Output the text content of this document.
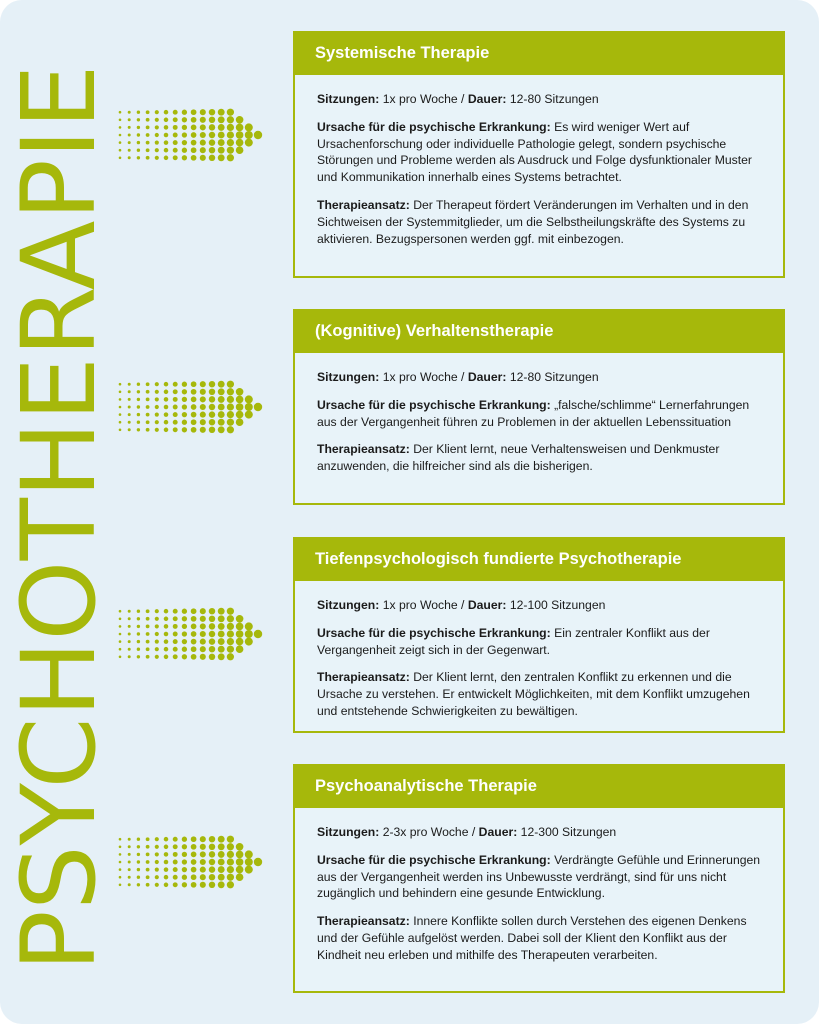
PSYCHOTHERAPIE
Systemische Therapie

Sitzungen: 1x pro Woche / Dauer: 12-80 Sitzungen

Ursache für die psychische Erkrankung: Es wird weniger Wert auf Ursachenforschung oder individuelle Pathologie gelegt, sondern psychische Störungen und Probleme werden als Ausdruck und Folge dysfunktionaler Muster und Kommunikation innerhalb eines Systems betrachtet.

Therapieansatz: Der Therapeut fördert Veränderungen im Verhalten und in den Sichtweisen der Systemmitglieder, um die Selbstheilungskräfte des Systems zu aktivieren. Bezugspersonen werden ggf. mit einbezogen.

(Kognitive) Verhaltenstherapie

Sitzungen: 1x pro Woche / Dauer: 12-80 Sitzungen

Ursache für die psychische Erkrankung: „falsche/schlimme“ Lernerfahrungen aus der Vergangenheit führen zu Problemen in der aktuellen Lebenssituation

Therapieansatz: Der Klient lernt, neue Verhaltensweisen und Denkmuster anzuwenden, die hilfreicher sind als die bisherigen.

Tiefenpsychologisch fundierte Psychotherapie

Sitzungen: 1x pro Woche / Dauer: 12-100 Sitzungen

Ursache für die psychische Erkrankung: Ein zentraler Konflikt aus der Vergangenheit zeigt sich in der Gegenwart.

Therapieansatz: Der Klient lernt, den zentralen Konflikt zu erkennen und die Ursache zu verstehen. Er entwickelt Möglichkeiten, mit dem Konflikt umzugehen und entstehende Schwierigkeiten zu bewältigen.

Psychoanalytische Therapie

Sitzungen: 2-3x pro Woche / Dauer: 12-300 Sitzungen

Ursache für die psychische Erkrankung: Verdrängte Gefühle und Erinnerungen aus der Vergangenheit werden ins Unbewusste verdrängt, sind für uns nicht zugänglich und behindern eine gesunde Entwicklung.

Therapieansatz: Innere Konflikte sollen durch Verstehen des eigenen Denkens und der Gefühle aufgelöst werden. Dabei soll der Klient den Konflikt aus der Kindheit neu erleben und mithilfe des Therapeuten verarbeiten.
